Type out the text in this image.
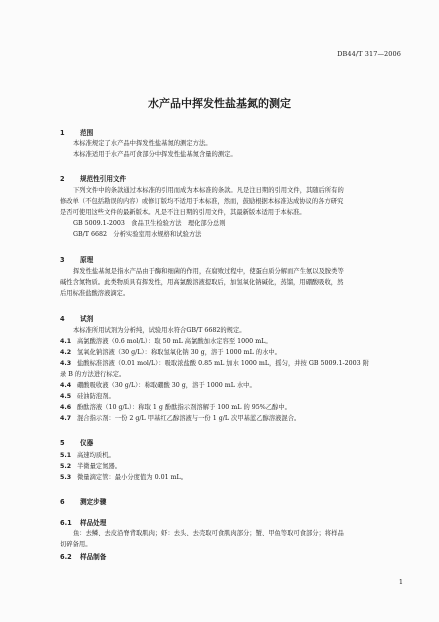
DB44/T 317—2006
水产品中挥发性盐基氮的测定
1 范围
本标准规定了水产品中挥发性盐基氮的测定方法。
本标准适用于水产品可食部分中挥发性盐基氮含量的测定。
2 规范性引用文件
下列文件中的条款通过本标准的引用而成为本标准的条款。凡是注日期的引用文件，其随后所有的
修改单（不包括勘误的内容）或修订版均不适用于本标准，然而，鼓励根据本标准达成协议的各方研究
是否可使用这些文件的最新版本。凡是不注日期的引用文件，其最新版本适用于本标准。
GB 5009.1-2003　食品卫生检验方法　理化部分总则
GB/T 6682　分析实验室用水规格和试验方法
3 原理
挥发性盐基氮是指水产品由于酶和细菌的作用，在腐败过程中，使蛋白质分解而产生氨以及胺类等
碱性含氮物质。此类物质具有挥发性，用高氯酸溶液提取后，加氢氧化钠碱化，蒸馏，用硼酸吸收，然
后用标准盐酸溶液滴定。
4 试剂
本标准所用试剂为分析纯，试验用水符合GB/T 6682的规定。
4.1 高氯酸溶液（0.6 mol/L）：取 50 mL 高氯酸加水定容至 1000 mL。
4.2 氢氧化钠溶液（30 g/L）：称取氢氧化钠 30 g，溶于 1000 mL 的水中。
4.3 盐酸标准溶液（0.01 mol/L）：吸取浓盐酸 0.85 mL 加水 1000 mL，摇匀，并按 GB 5009.1-2003 附
录 B 的方法进行标定。
4.4 硼酸吸收液（30 g/L）：称取硼酸 30 g，溶于 1000 mL 水中。
4.5 硅油防泡剂。
4.6 酚酞溶液（10 g/L）：称取 1 g 酚酞指示剂溶解于 100 mL 的 95%乙醇中。
4.7 混合指示剂：一份 2 g/L 甲基红乙醇溶液与一份 1 g/L 次甲基蓝乙醇溶液混合。
5 仪器
5.1 高速均质机。
5.2 半微量定氮器。
5.3 微量滴定管：最小分度值为 0.01 mL。
6 测定步骤
6.1 样品处理
鱼：去鳞、去皮沿脊背取肌肉；虾：去头、去壳取可食肌肉部分；蟹、甲鱼等取可食部分；将样品
切碎备用。
6.2 样品制备
1
